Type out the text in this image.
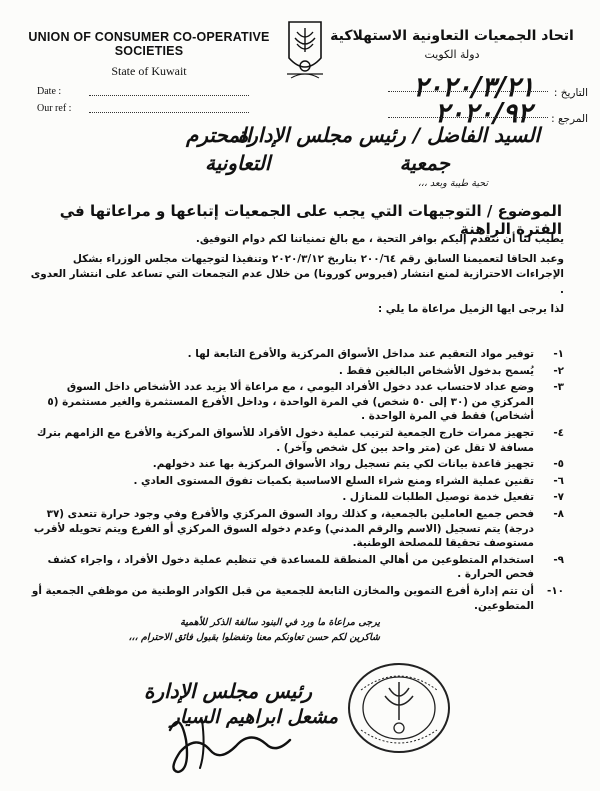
UNION OF CONSUMER CO-OPERATIVE SOCIETIES
State of Kuwait
اتحاد الجمعيات التعاونية الاستهلاكية
دولة الكويت
Date :
Our ref :
التاريخ : ٢٠٢٠/٣/٢١
المرجع : ٢٠٢٠/٩٢
السيد الفاضل / رئيس مجلس الإدارة
المحترم
جمعية
التعاونية
تحية طيبة وبعد ،،،
الموضوع / التوجيهات التي يجب على الجمعيات إتباعها و مراعاتها في الفترة الراهنة

يطيب لنا أن نتقدم إليكم بوافر التحية ، مع بالغ تمنياتنا لكم دوام التوفيق.

وعبد الحاقا لتعميمنا السابق رقم ٢٠٠/٦٤ بتاريخ ٢٠٢٠/٣/١٢ وتنفيذا لتوجيهات مجلس الوزراء بشكل الإجراءات الاحترازية لمنع انتشار (فيروس كورونا) من خلال عدم التجمعات التي تساعد على انتشار العدوى .

لذا يرجى ايها الزميل مراعاة ما يلي :

١-
توفير مواد التعقيم عند مداخل الأسواق المركزية والأفرع التابعة لها .
٢-
يُسمح بدخول الأشخاص البالغين فقط .
٣-
وضع عداد لاحتساب عدد دخول الأفراد اليومي ، مع مراعاة ألا يزيد عدد الأشخاص داخل السوق المركزي من (٣٠ إلى ٥٠ شخص) في المرة الواحدة ، وداخل الأفرع المستثمرة والغير مستثمرة (٥ أشخاص) فقط في المرة الواحدة .
٤-
تجهيز ممرات خارج الجمعية لترتيب عملية دخول الأفراد للأسواق المركزية والأفرع مع الزامهم بترك مسافة لا تقل عن (متر واحد بين كل شخص وآخر) .
٥-
تجهيز قاعدة بيانات لكي يتم تسجيل رواد الأسواق المركزية بها عند دخولهم.
٦-
تقنين عملية الشراء ومنع شراء السلع الاساسية بكميات تفوق المستوى العادي .
٧-
تفعيل خدمة توصيل الطلبات للمنازل .
٨-
فحص جميع العاملين بالجمعية، و كذلك رواد السوق المركزي والأفرع وفي وجود حرارة تتعدى (٣٧ درجة) يتم تسجيل (الاسم والرقم المدني) وعدم دخوله السوق المركزي أو الفرع ويتم تحويله لأقرب مستوصف تحقيقا للمصلحة الوطنية.
٩-
استخدام المتطوعين من أهالي المنطقة للمساعدة في تنظيم عملية دخول الأفراد ، واجراء كشف فحص الحرارة .
١٠-
أن تتم إدارة أفرع التموين والمخازن التابعة للجمعية من قبل الكوادر الوطنية من موظفي الجمعية أو المتطوعين.
يرجى مراعاة ما ورد في البنود سالفة الذكر للأهمية
شاكرين لكم حسن تعاونكم معنا وتفضلوا بقبول فائق الاحترام ،،،
رئيس مجلس الإدارة
مشعل ابراهيم السيار
